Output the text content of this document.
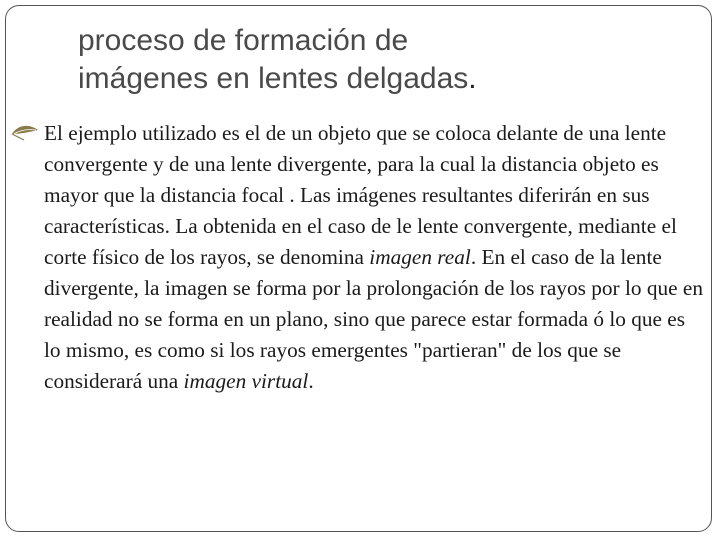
proceso de formación de
imágenes en lentes delgadas.

El ejemplo utilizado es el de un objeto que se coloca delante de una lente convergente y de una lente divergente, para la cual la distancia objeto es mayor que la distancia focal . Las imágenes resultantes diferirán en sus características. La obtenida en el caso de le lente convergente, mediante el corte físico de los rayos, se denomina imagen real. En el caso de la lente divergente, la imagen se forma por la prolongación de los rayos por lo que en realidad no se forma en un plano, sino que parece estar formada ó lo que es lo mismo, es como si los rayos emergentes "partieran" de los que se considerará una imagen virtual.
